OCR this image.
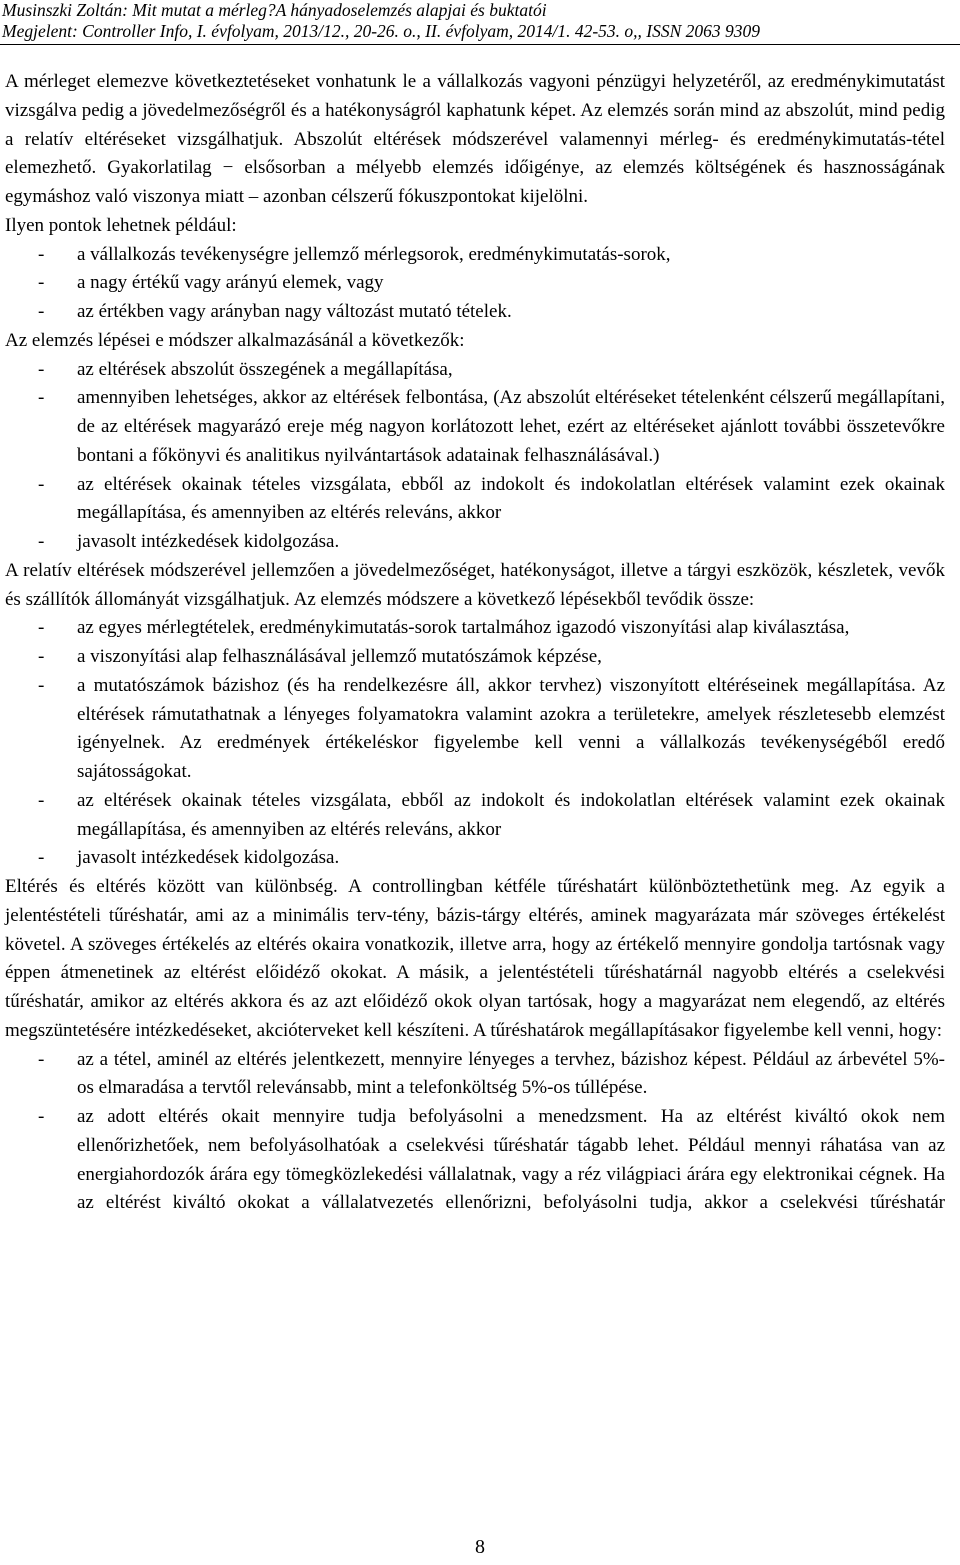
Musinszki Zoltán: Mit mutat a mérleg?A hányadoselemzés alapjai és buktatói
Megjelent: Controller Info, I. évfolyam, 2013/12., 20-26. o., II. évfolyam, 2014/1. 42-53. o,, ISSN 2063 9309

A mérleget elemezve következtetéseket vonhatunk le a vállalkozás vagyoni pénzügyi helyzetéről, az eredménykimutatást vizsgálva pedig a jövedelmezőségről és a hatékonyságról kaphatunk képet. Az elemzés során mind az abszolút, mind pedig a relatív eltéréseket vizsgálhatjuk. Abszolút eltérések módszerével valamennyi mérleg- és eredménykimutatás-tétel elemezhető. Gyakorlatilag − elsősorban a mélyebb elemzés időigénye, az elemzés költségének és hasznosságának egymáshoz való viszonya miatt – azonban célszerű fókuszpontokat kijelölni.

Ilyen pontok lehetnek például:

- a vállalkozás tevékenységre jellemző mérlegsorok, eredménykimutatás-sorok,

- a nagy értékű vagy arányú elemek, vagy

- az értékben vagy arányban nagy változást mutató tételek.

Az elemzés lépései e módszer alkalmazásánál a következők:

- az eltérések abszolút összegének a megállapítása,

- amennyiben lehetséges, akkor az eltérések felbontása, (Az abszolút eltéréseket tételenként célszerű megállapítani, de az eltérések magyarázó ereje még nagyon korlátozott lehet, ezért az eltéréseket ajánlott további összetevőkre bontani a főkönyvi és analitikus nyilvántartások adatainak felhasználásával.)

- az eltérések okainak tételes vizsgálata, ebből az indokolt és indokolatlan eltérések valamint ezek okainak megállapítása, és amennyiben az eltérés releváns, akkor

- javasolt intézkedések kidolgozása.

A relatív eltérések módszerével jellemzően a jövedelmezőséget, hatékonyságot, illetve a tárgyi eszközök, készletek, vevők és szállítók állományát vizsgálhatjuk. Az elemzés módszere a következő lépésekből tevődik össze:

- az egyes mérlegtételek, eredménykimutatás-sorok tartalmához igazodó viszonyítási alap kiválasztása,

- a viszonyítási alap felhasználásával jellemző mutatószámok képzése,

- a mutatószámok bázishoz (és ha rendelkezésre áll, akkor tervhez) viszonyított eltéréseinek megállapítása. Az eltérések rámutathatnak a lényeges folyamatokra valamint azokra a területekre, amelyek részletesebb elemzést igényelnek. Az eredmények értékeléskor figyelembe kell venni a vállalkozás tevékenységéből eredő sajátosságokat.

- az eltérések okainak tételes vizsgálata, ebből az indokolt és indokolatlan eltérések valamint ezek okainak megállapítása, és amennyiben az eltérés releváns, akkor

- javasolt intézkedések kidolgozása.

Eltérés és eltérés között van különbség. A controllingban kétféle tűréshatárt különböztethetünk meg. Az egyik a jelentéstételi tűréshatár, ami az a minimális terv-tény, bázis-tárgy eltérés, aminek magyarázata már szöveges értékelést követel. A szöveges értékelés az eltérés okaira vonatkozik, illetve arra, hogy az értékelő mennyire gondolja tartósnak vagy éppen átmenetinek az eltérést előidéző okokat. A másik, a jelentéstételi tűréshatárnál nagyobb eltérés a cselekvési tűréshatár, amikor az eltérés akkora és az azt előidéző okok olyan tartósak, hogy a magyarázat nem elegendő, az eltérés megszüntetésére intézkedéseket, akcióterveket kell készíteni. A tűréshatárok megállapításakor figyelembe kell venni, hogy:

- az a tétel, aminél az eltérés jelentkezett, mennyire lényeges a tervhez, bázishoz képest. Például az árbevétel 5%-os elmaradása a tervtől relevánsabb, mint a telefonköltség 5%-os túllépése.

- az adott eltérés okait mennyire tudja befolyásolni a menedzsment. Ha az eltérést kiváltó okok nem ellenőrizhetőek, nem befolyásolhatóak a cselekvési tűréshatár tágabb lehet. Például mennyi ráhatása van az energiahordozók árára egy tömegközlekedési vállalatnak, vagy a réz világpiaci árára egy elektronikai cégnek. Ha az eltérést kiváltó okokat a vállalatvezetés ellenőrizni, befolyásolni tudja, akkor a cselekvési tűréshatár

8
